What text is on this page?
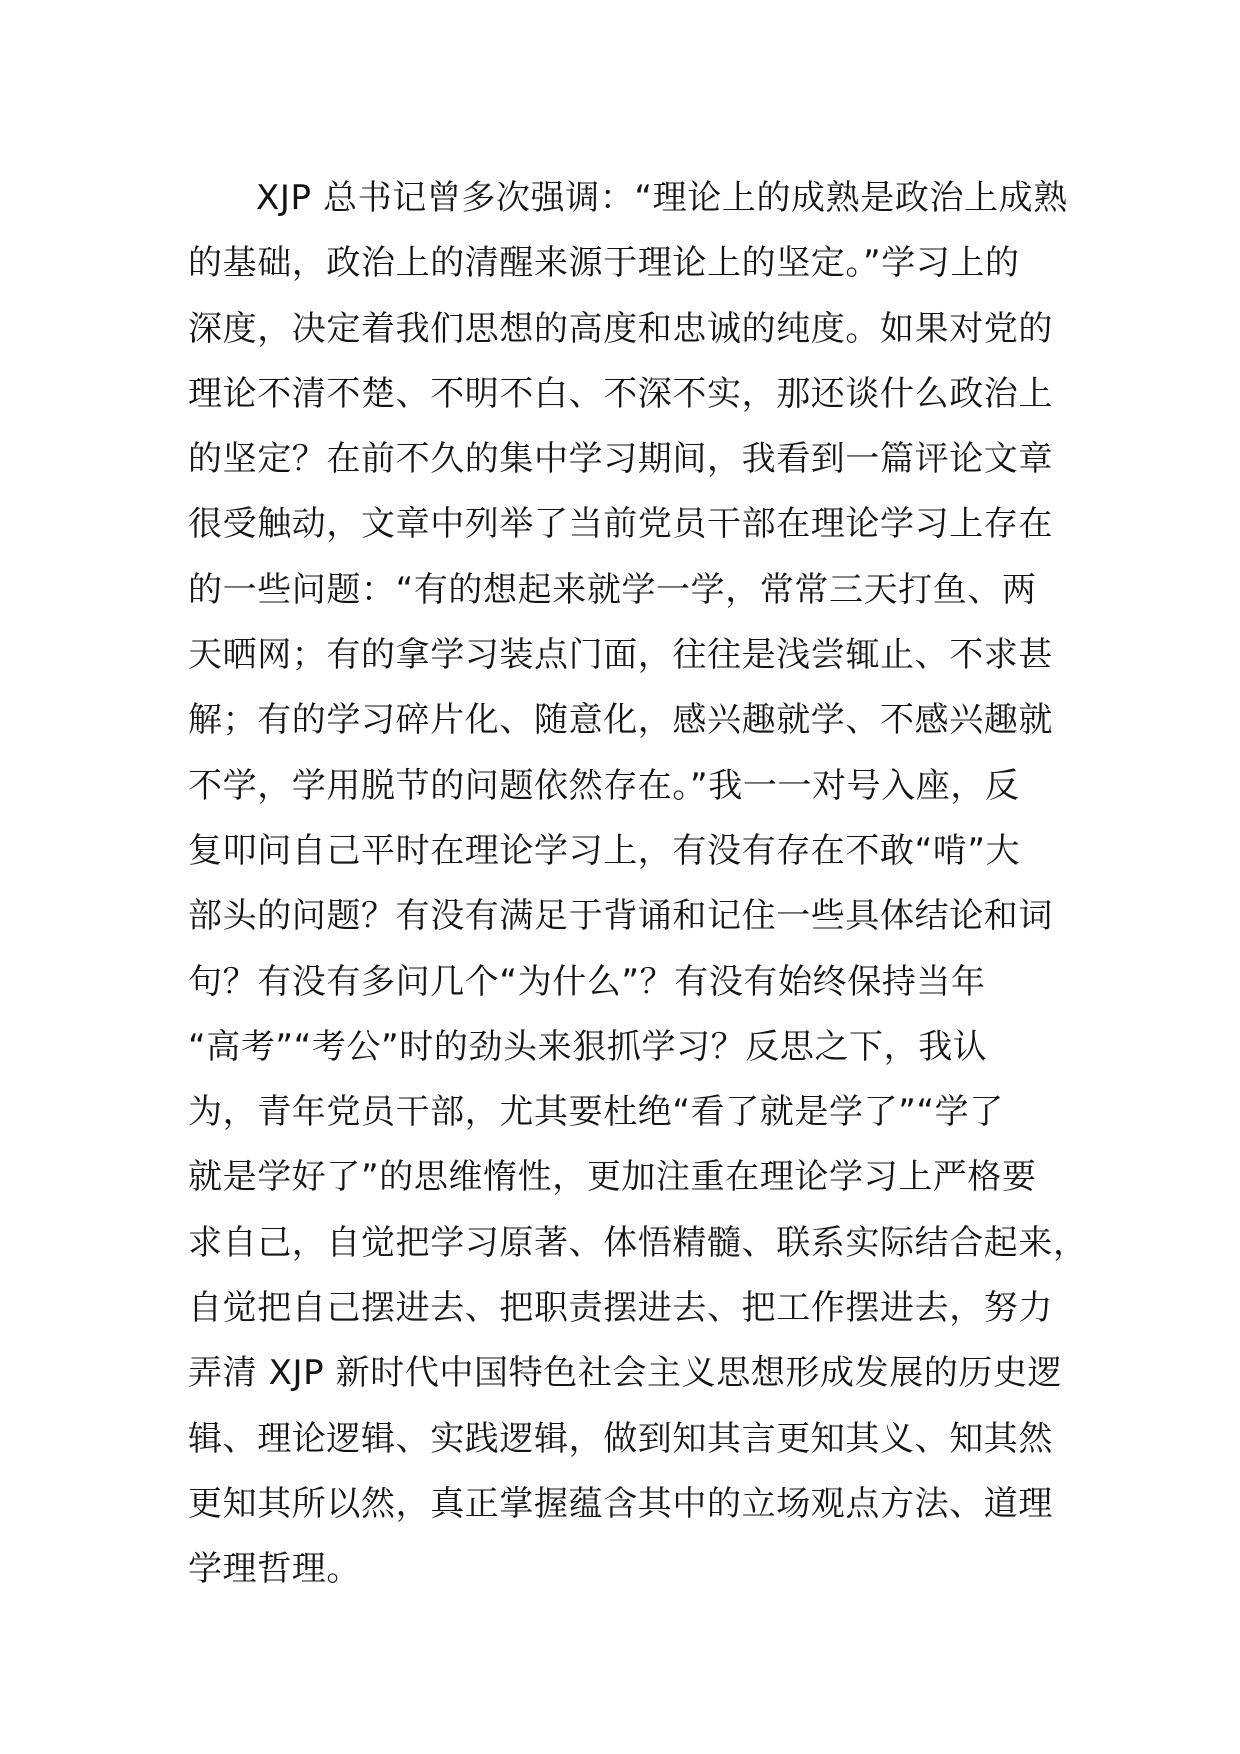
XJP 总书记曾多次强调：“理论上的成熟是政治上成熟
的基础，政治上的清醒来源于理论上的坚定。”学习上的
深度，决定着我们思想的高度和忠诚的纯度。如果对党的
理论不清不楚、不明不白、不深不实，那还谈什么政治上
的坚定？在前不久的集中学习期间，我看到一篇评论文章
很受触动，文章中列举了当前党员干部在理论学习上存在
的一些问题：“有的想起来就学一学，常常三天打鱼、两
天晒网；有的拿学习装点门面，往往是浅尝辄止、不求甚
解；有的学习碎片化、随意化，感兴趣就学、不感兴趣就
不学，学用脱节的问题依然存在。”我一一对号入座，反
复叩问自己平时在理论学习上，有没有存在不敢“啃”大
部头的问题？有没有满足于背诵和记住一些具体结论和词
句？有没有多问几个“为什么”？有没有始终保持当年
“高考”“考公”时的劲头来狠抓学习？反思之下，我认
为，青年党员干部，尤其要杜绝“看了就是学了”“学了
就是学好了”的思维惰性，更加注重在理论学习上严格要
求自己，自觉把学习原著、体悟精髓、联系实际结合起来，
自觉把自己摆进去、把职责摆进去、把工作摆进去，努力
弄清 XJP 新时代中国特色社会主义思想形成发展的历史逻
辑、理论逻辑、实践逻辑，做到知其言更知其义、知其然
更知其所以然，真正掌握蕴含其中的立场观点方法、道理
学理哲理。
